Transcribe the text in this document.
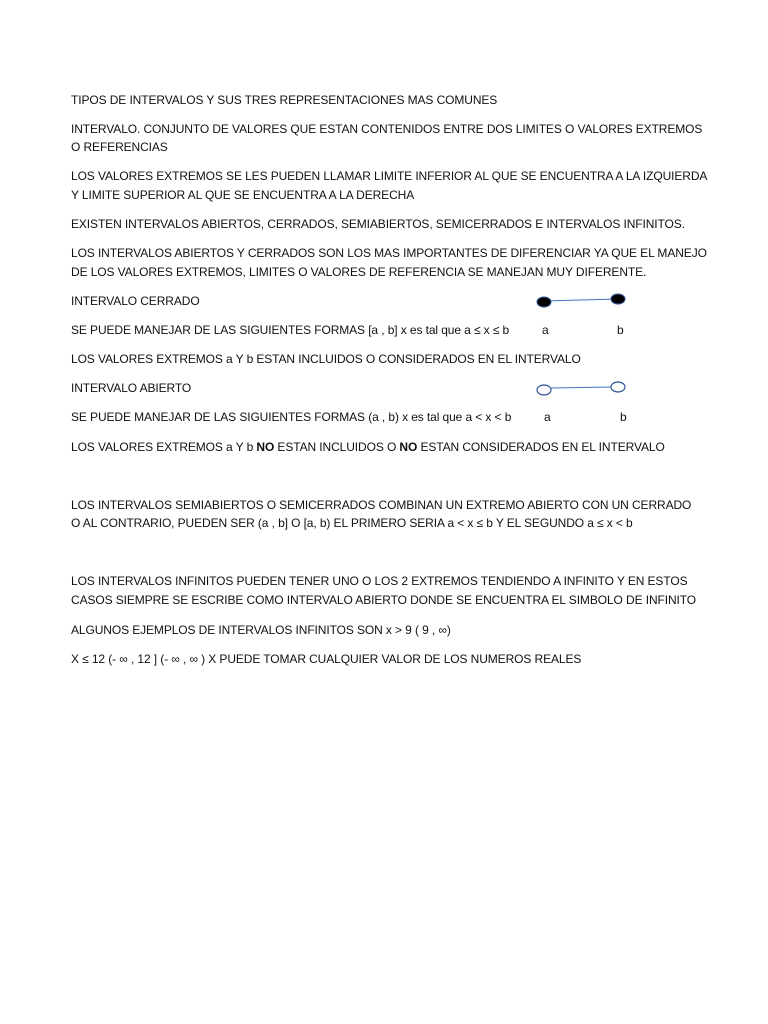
TIPOS DE INTERVALOS Y SUS TRES REPRESENTACIONES MAS COMUNES
INTERVALO. CONJUNTO DE VALORES QUE ESTAN CONTENIDOS ENTRE DOS LIMITES O VALORES EXTREMOS
O REFERENCIAS
LOS VALORES EXTREMOS SE LES PUEDEN LLAMAR LIMITE INFERIOR AL QUE SE ENCUENTRA A LA IZQUIERDA
Y LIMITE SUPERIOR AL QUE SE ENCUENTRA A LA DERECHA
EXISTEN INTERVALOS ABIERTOS, CERRADOS, SEMIABIERTOS, SEMICERRADOS E INTERVALOS INFINITOS.
LOS INTERVALOS ABIERTOS Y CERRADOS SON LOS MAS IMPORTANTES DE DIFERENCIAR YA QUE EL MANEJO
DE LOS VALORES EXTREMOS, LIMITES O VALORES DE REFERENCIA SE MANEJAN MUY DIFERENTE.
INTERVALO CERRADO
SE PUEDE MANEJAR DE LAS SIGUIENTES FORMAS [a , b] x es tal que a ≤ x ≤ b	a	b
LOS VALORES EXTREMOS a Y b ESTAN INCLUIDOS O CONSIDERADOS EN EL INTERVALO
INTERVALO ABIERTO
SE PUEDE MANEJAR DE LAS SIGUIENTES FORMAS (a , b) x es tal que a < x < b	a	b
LOS VALORES EXTREMOS a Y b NO ESTAN INCLUIDOS O NO ESTAN CONSIDERADOS EN EL INTERVALO
LOS INTERVALOS SEMIABIERTOS O SEMICERRADOS COMBINAN UN EXTREMO ABIERTO CON UN CERRADO
O AL CONTRARIO, PUEDEN SER (a , b] O [a, b) EL PRIMERO SERIA a < x ≤ b Y EL SEGUNDO a ≤ x < b
LOS INTERVALOS INFINITOS PUEDEN TENER UNO O LOS 2 EXTREMOS TENDIENDO A INFINITO Y EN ESTOS
CASOS SIEMPRE SE ESCRIBE COMO INTERVALO ABIERTO DONDE SE ENCUENTRA EL SIMBOLO DE INFINITO
ALGUNOS EJEMPLOS DE INTERVALOS INFINITOS SON x > 9 ( 9 , ∞)
X ≤ 12 (- ∞ , 12 ] (- ∞ , ∞ ) X PUEDE TOMAR CUALQUIER VALOR DE LOS NUMEROS REALES
